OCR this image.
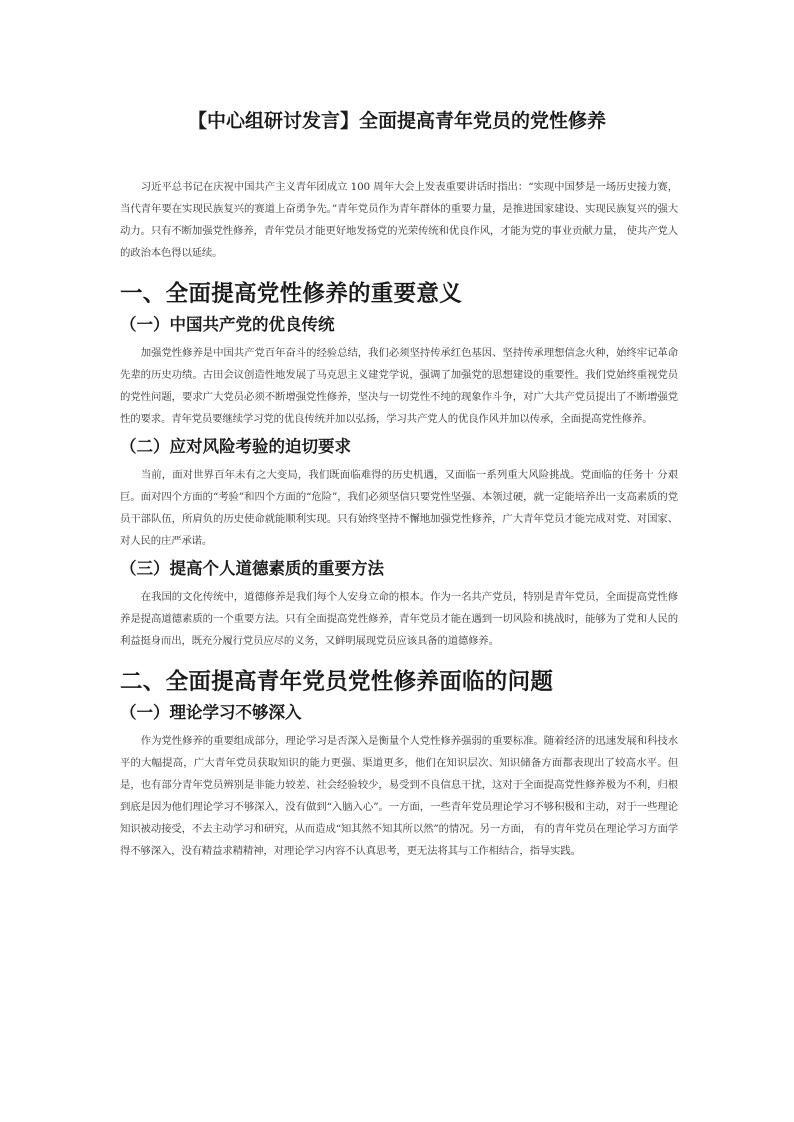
【中心组研讨发言】全面提高青年党员的党性修养

习近平总书记在庆祝中国共产主义青年团成立 100 周年大会上发表重要讲话时指出：“实现中国梦是一场历史接力赛，当代青年要在实现民族复兴的赛道上奋勇争先。”青年党员作为青年群体的重要力量，是推进国家建设、实现民族复兴的强大动力。只有不断加强党性修养，青年党员才能更好地发扬党的光荣传统和优良作风，才能为党的事业贡献力量， 使共产党人的政治本色得以延续。

一、全面提高党性修养的重要意义
（一）中国共产党的优良传统

加强党性修养是中国共产党百年奋斗的经验总结，我们必须坚持传承红色基因、坚持传承理想信念火种，始终牢记革命先辈的历史功绩。古田会议创造性地发展了马克思主义建党学说，强调了加强党的思想建设的重要性。我们党始终重视党员的党性问题，要求广大党员必须不断增强党性修养，坚决与一切党性不纯的现象作斗争，对广大共产党员提出了不断增强党性的要求。青年党员要继续学习党的优良传统并加以弘扬，学习共产党人的优良作风并加以传承，全面提高党性修养。

（二）应对风险考验的迫切要求

当前，面对世界百年未有之大变局，我们既面临难得的历史机遇，又面临一系列重大风险挑战。党面临的任务十 分艰巨。面对四个方面的“考验”和四个方面的“危险”，我们必须坚信只要党性坚强、本领过硬，就一定能培养出一支高素质的党员干部队伍，所肩负的历史使命就能顺利实现。只有始终坚持不懈地加强党性修养，广大青年党员才能完成对党、对国家、对人民的庄严承诺。

（三）提高个人道德素质的重要方法

在我国的文化传统中，道德修养是我们每个人安身立命的根本。作为一名共产党员，特别是青年党员，全面提高党性修养是提高道德素质的一个重要方法。只有全面提高党性修养，青年党员才能在遇到一切风险和挑战时，能够为了党和人民的利益挺身而出，既充分履行党员应尽的义务，又鲜明展现党员应该具备的道德修养。

二、全面提高青年党员党性修养面临的问题
（一）理论学习不够深入

作为党性修养的重要组成部分，理论学习是否深入是衡量个人党性修养强弱的重要标准。随着经济的迅速发展和科技水平的大幅提高，广大青年党员获取知识的能力更强、渠道更多，他们在知识层次、知识储备方面都表现出了较高水平。但是，也有部分青年党员辨别是非能力较差、社会经验较少，易受到不良信息干扰，这对于全面提高党性修养极为不利，归根到底是因为他们理论学习不够深入，没有做到“入脑入心”。一方面，一些青年党员理论学习不够积极和主动，对于一些理论知识被动接受，不去主动学习和研究，从而造成“知其然不知其所以然”的情况。另一方面， 有的青年党员在理论学习方面学得不够深入，没有精益求精精神，对理论学习内容不认真思考，更无法将其与工作相结合，指导实践。
